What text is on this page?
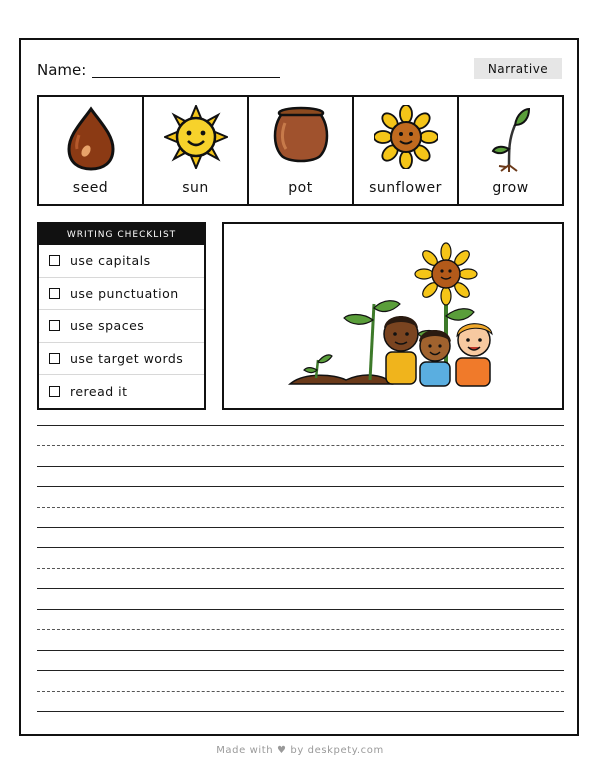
Name:	Narrative
seed	sun	pot	sunflower	grow
WRITING CHECKLIST
use capitals
use punctuation
use spaces
use target words
reread it
Made with ♥ by deskpety.com
